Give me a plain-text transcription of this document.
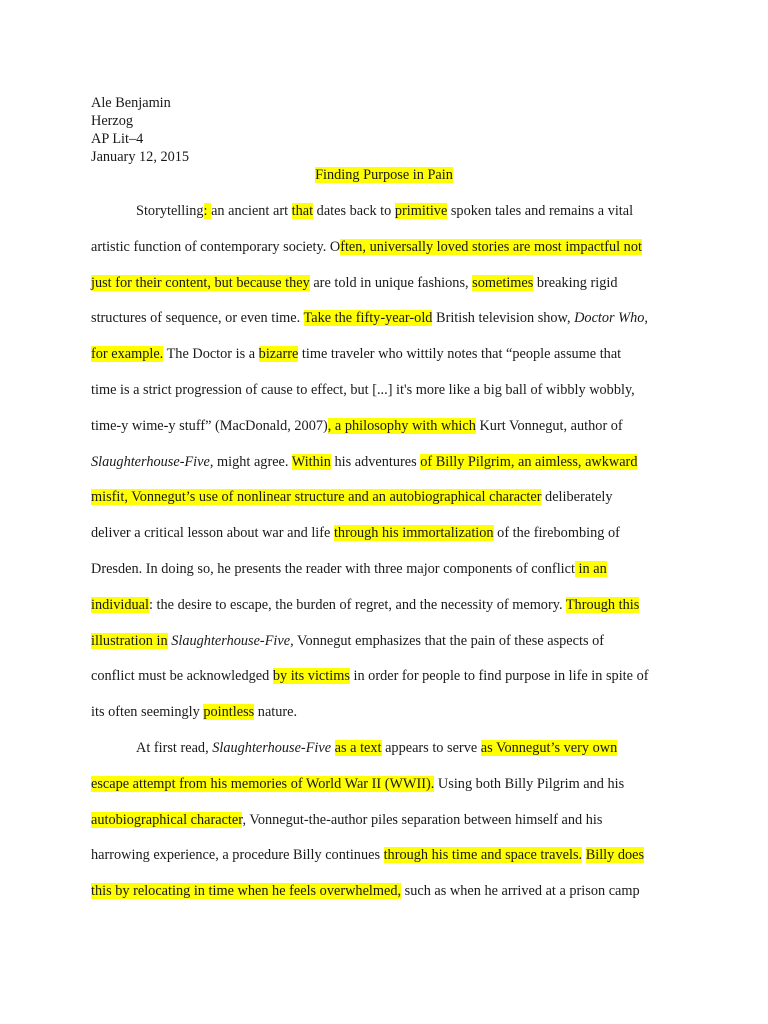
Ale Benjamin
Herzog
AP Lit–4
January 12, 2015
Finding Purpose in Pain
Storytelling: an ancient art that dates back to primitive spoken tales and remains a vital
artistic function of contemporary society. Often, universally loved stories are most impactful not
just for their content, but because they are told in unique fashions, sometimes breaking rigid
structures of sequence, or even time. Take the fifty-year-old British television show, Doctor Who,
for example. The Doctor is a bizarre time traveler who wittily notes that “people assume that
time is a strict progression of cause to effect, but [...] it's more like a big ball of wibbly wobbly,
time-y wime-y stuff” (MacDonald, 2007), a philosophy with which Kurt Vonnegut, author of
Slaughterhouse-Five, might agree. Within his adventures of Billy Pilgrim, an aimless, awkward
misfit, Vonnegut’s use of nonlinear structure and an autobiographical character deliberately
deliver a critical lesson about war and life through his immortalization of the firebombing of
Dresden. In doing so, he presents the reader with three major components of conflict in an
individual: the desire to escape, the burden of regret, and the necessity of memory. Through this
illustration in Slaughterhouse-Five, Vonnegut emphasizes that the pain of these aspects of
conflict must be acknowledged by its victims in order for people to find purpose in life in spite of
its often seemingly pointless nature.
At first read, Slaughterhouse-Five as a text appears to serve as Vonnegut’s very own
escape attempt from his memories of World War II (WWII). Using both Billy Pilgrim and his
autobiographical character, Vonnegut-the-author piles separation between himself and his
harrowing experience, a procedure Billy continues through his time and space travels. Billy does
this by relocating in time when he feels overwhelmed, such as when he arrived at a prison camp
